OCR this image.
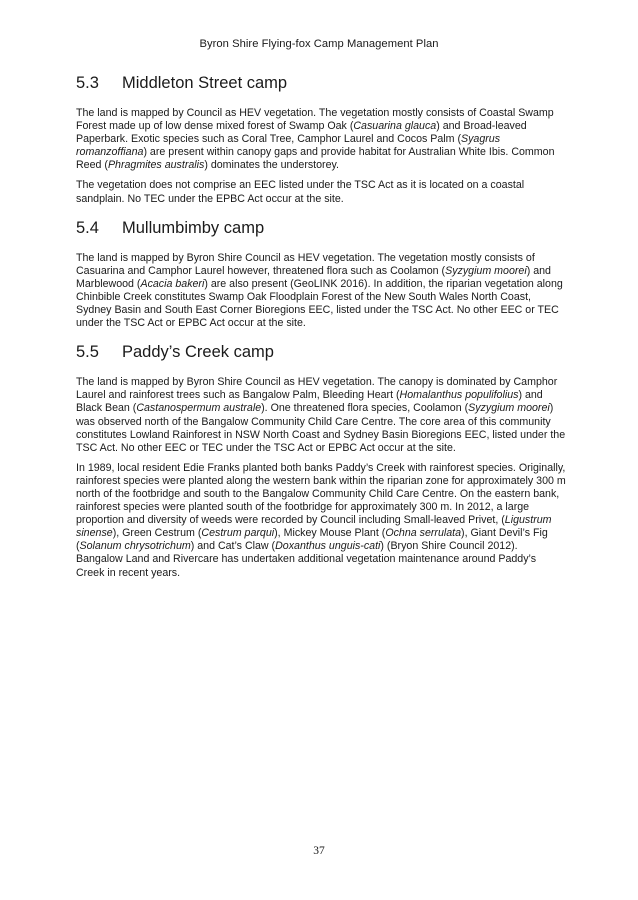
Byron Shire Flying-fox Camp Management Plan
5.3	Middleton Street camp

The land is mapped by Council as HEV vegetation. The vegetation mostly consists of Coastal Swamp Forest made up of low dense mixed forest of Swamp Oak (Casuarina glauca) and Broad-leaved Paperbark. Exotic species such as Coral Tree, Camphor Laurel and Cocos Palm (Syagrus romanzoffiana) are present within canopy gaps and provide habitat for Australian White Ibis. Common Reed (Phragmites australis) dominates the understorey.

The vegetation does not comprise an EEC listed under the TSC Act as it is located on a coastal sandplain. No TEC under the EPBC Act occur at the site.

5.4	Mullumbimby camp

The land is mapped by Byron Shire Council as HEV vegetation. The vegetation mostly consists of Casuarina and Camphor Laurel however, threatened flora such as Coolamon (Syzygium moorei) and Marblewood (Acacia bakeri) are also present (GeoLINK 2016). In addition, the riparian vegetation along Chinbible Creek constitutes Swamp Oak Floodplain Forest of the New South Wales North Coast, Sydney Basin and South East Corner Bioregions EEC, listed under the TSC Act. No other EEC or TEC under the TSC Act or EPBC Act occur at the site.

5.5	Paddy’s Creek camp

The land is mapped by Byron Shire Council as HEV vegetation. The canopy is dominated by Camphor Laurel and rainforest trees such as Bangalow Palm, Bleeding Heart (Homalanthus populifolius) and Black Bean (Castanospermum australe). One threatened flora species, Coolamon (Syzygium moorei) was observed north of the Bangalow Community Child Care Centre. The core area of this community constitutes Lowland Rainforest in NSW North Coast and Sydney Basin Bioregions EEC, listed under the TSC Act. No other EEC or TEC under the TSC Act or EPBC Act occur at the site.

In 1989, local resident Edie Franks planted both banks Paddy’s Creek with rainforest species. Originally, rainforest species were planted along the western bank within the riparian zone for approximately 300 m north of the footbridge and south to the Bangalow Community Child Care Centre. On the eastern bank, rainforest species were planted south of the footbridge for approximately 300 m. In 2012, a large proportion and diversity of weeds were recorded by Council including Small-leaved Privet, (Ligustrum sinense), Green Cestrum (Cestrum parqui), Mickey Mouse Plant (Ochna serrulata), Giant Devil’s Fig (Solanum chrysotrichum) and Cat’s Claw (Doxanthus unguis-cati) (Bryon Shire Council 2012). Bangalow Land and Rivercare has undertaken additional vegetation maintenance around Paddy’s Creek in recent years.

37
